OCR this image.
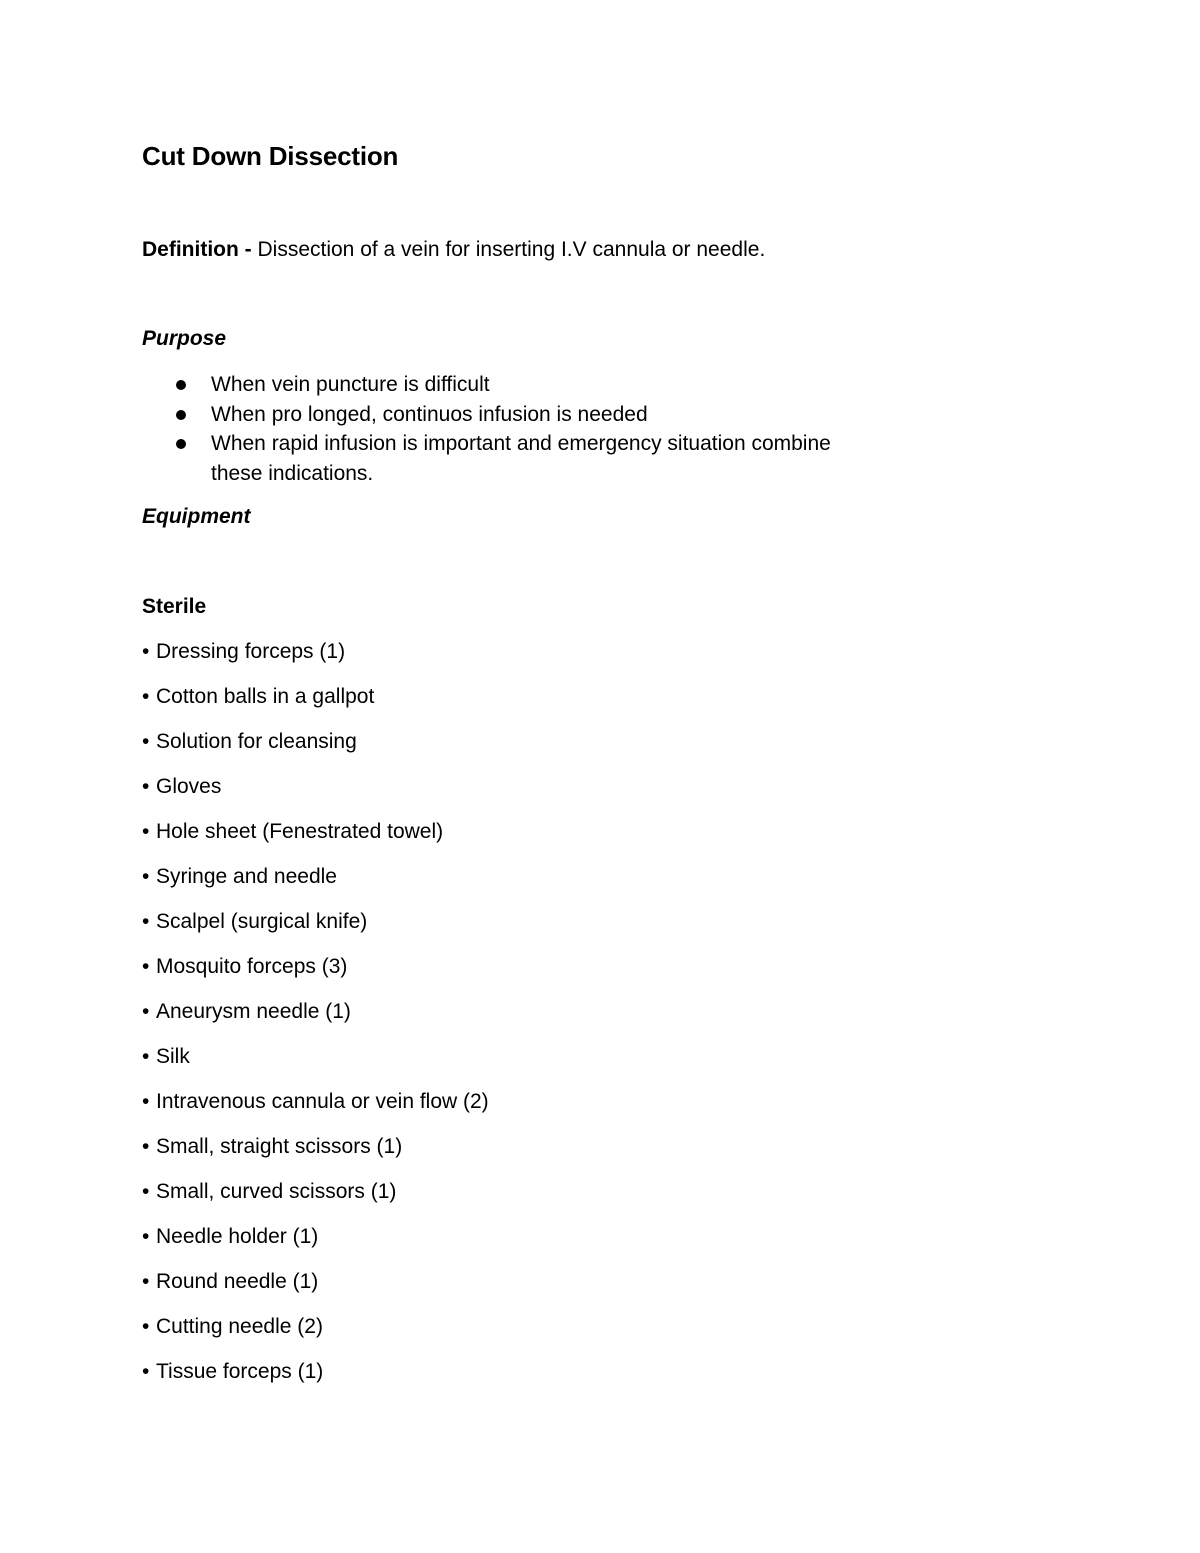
Cut Down Dissection

Definition - Dissection of a vein for inserting I.V cannula or needle.

Purpose
When vein puncture is difficult
When pro longed, continuos infusion is needed
When rapid infusion is important and emergency situation combine these indications.
Equipment
Sterile
• Dressing forceps (1)
• Cotton balls in a gallpot
• Solution for cleansing
• Gloves
• Hole sheet (Fenestrated towel)
• Syringe and needle
• Scalpel (surgical knife)
• Mosquito forceps (3)
• Aneurysm needle (1)
• Silk
• Intravenous cannula or vein flow (2)
• Small, straight scissors (1)
• Small, curved scissors (1)
• Needle holder (1)
• Round needle (1)
• Cutting needle (2)
• Tissue forceps (1)
